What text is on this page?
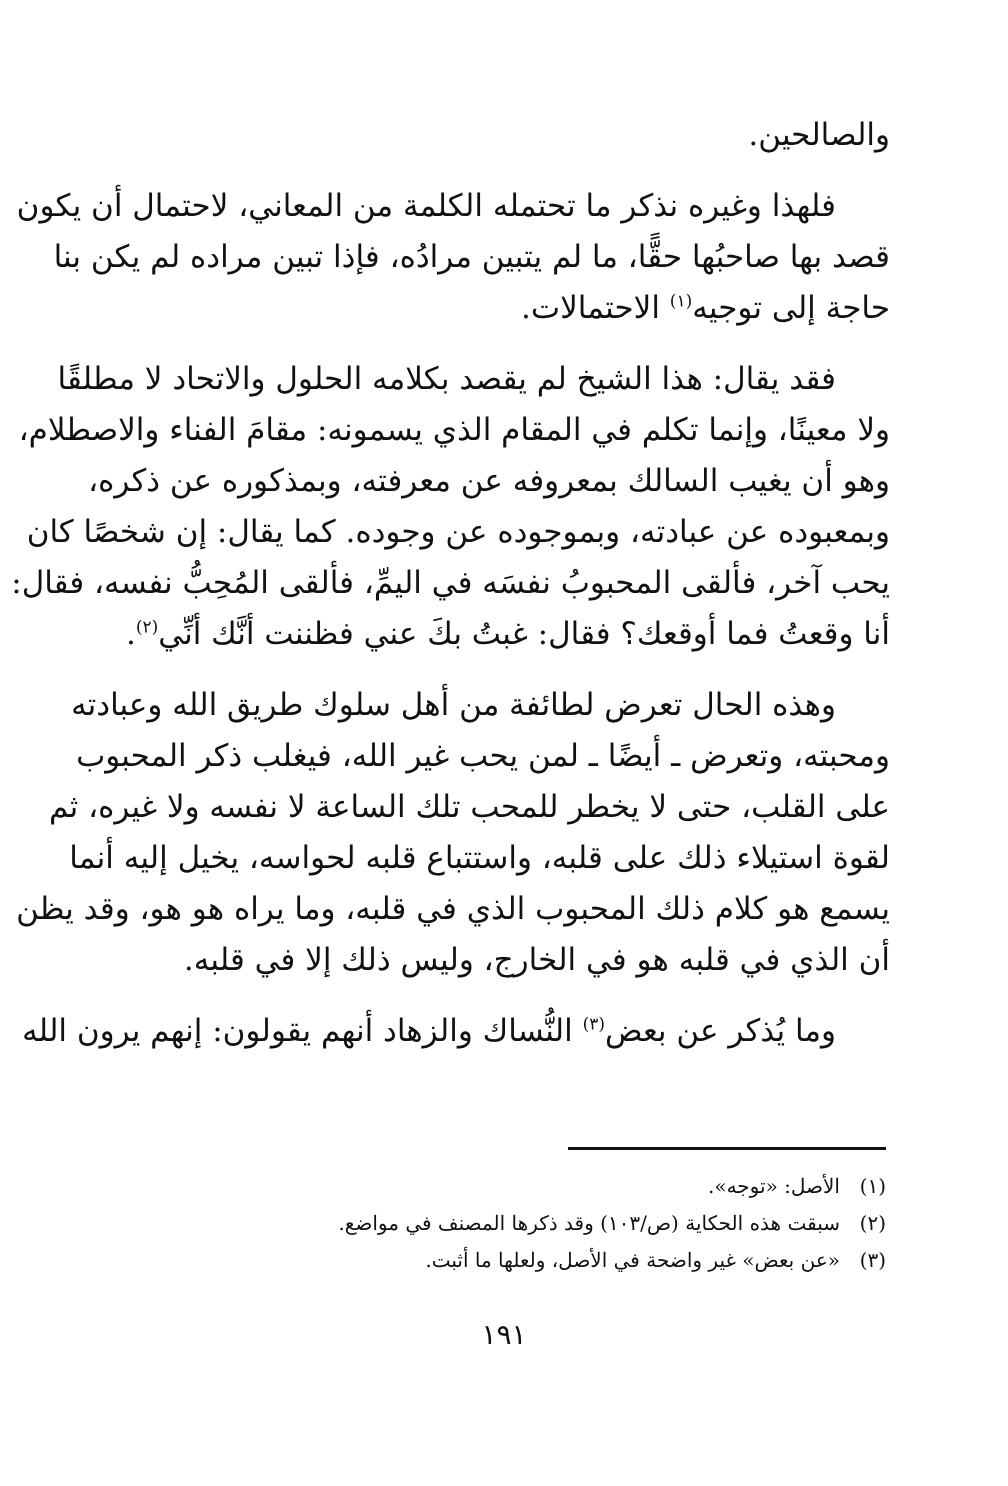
والصالحين.
فلهذا وغيره نذكر ما تحتمله الكلمة من المعاني، لاحتمال أن يكون
قصد بها صاحبُها حقًّا، ما لم يتبين مرادُه، فإذا تبين مراده لم يكن بنا
حاجة إلى توجيه$^{(١)}$ الاحتمالات.
فقد يقال: هذا الشيخ لم يقصد بكلامه الحلول والاتحاد لا مطلقًا
ولا معينًا، وإنما تكلم في المقام الذي يسمونه: مقامَ الفناء والاصطلام،
وهو أن يغيب السالك بمعروفه عن معرفته، وبمذكوره عن ذكره،
وبمعبوده عن عبادته، وبموجوده عن وجوده. كما يقال: إن شخصًا كان
يحب آخر، فألقى المحبوبُ نفسَه في اليمِّ، فألقى المُحِبُّ نفسه، فقال:
أنا وقعتُ فما أوقعك؟ فقال: غبتُ بكَ عني فظننت أنَّك أنِّي$^{(٢)}$.
وهذه الحال تعرض لطائفة من أهل سلوك طريق الله وعبادته
ومحبته، وتعرض ـ أيضًا ـ لمن يحب غير الله، فيغلب ذكر المحبوب
على القلب، حتى لا يخطر للمحب تلك الساعة لا نفسه ولا غيره، ثم
لقوة استيلاء ذلك على قلبه، واستتباع قلبه لحواسه، يخيل إليه أنما
يسمع هو كلام ذلك المحبوب الذي في قلبه، وما يراه هو هو، وقد يظن
أن الذي في قلبه هو في الخارج، وليس ذلك إلا في قلبه.
وما يُذكر عن بعض$^{(٣)}$ النُّساك والزهاد أنهم يقولون: إنهم يرون الله
(١)الأصل: «توجه».
(٢)سبقت هذه الحكاية (ص/١٠٣) وقد ذكرها المصنف في مواضع.
(٣)«عن بعض» غير واضحة في الأصل، ولعلها ما أثبت.
١٩١
